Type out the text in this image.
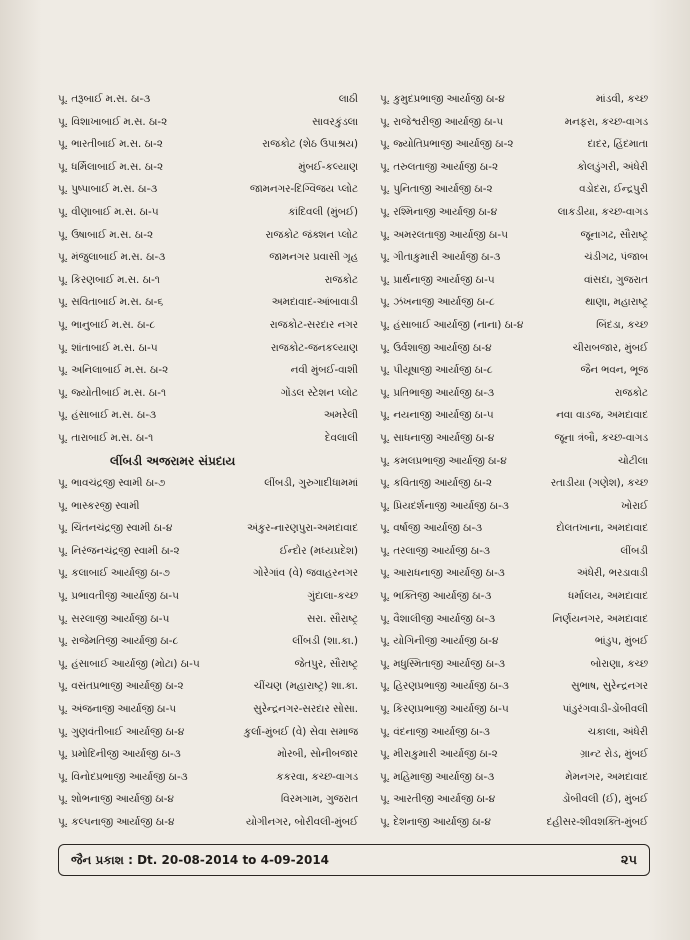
પૂ. તરૂબાઈ મ.સ. ઠા-૩	લાઠી
પૂ. વિશાખાબાઈ મ.સ. ઠા-૨	સાવરકુંડલા
પૂ. ભારતીબાઈ મ.સ. ઠા-૨	રાજકોટ (શેઠ ઉપાશ્રય)
પૂ. ધર્મિલાબાઈ મ.સ. ઠા-૨	મુંબઈ-કલ્યાણ
પૂ. પુષ્પાબાઈ મ.સ. ઠા-૩	જામનગર-દિગ્વિજય પ્લોટ
પૂ. વીણાબાઈ મ.સ. ઠા-૫	કાંદિવલી (મુંબઈ)
પૂ. ઉષાબાઈ મ.સ. ઠા-૨	રાજકોટ જંક્શન પ્લોટ
પૂ. મંજુલાબાઈ મ.સ. ઠા-૩	જામનગર પ્રવાસી ગૃહ
પૂ. કિરણબાઈ મ.સ. ઠા-૧	રાજકોટ
પૂ. સવિતાબાઈ મ.સ. ઠા-૬	અમદાવાદ-આંબાવાડી
પૂ. ભાનુબાઈ મ.સ. ઠા-૮	રાજકોટ-સરદાર નગર
પૂ. શાંતાબાઈ મ.સ. ઠા-૫	રાજકોટ-જનકલ્યાણ
પૂ. અનિલાબાઈ મ.સ. ઠા-૨	નવી મુંબઈ-વાશી
પૂ. જ્યોતીબાઈ મ.સ. ઠા-૧	ગોંડલ સ્ટેશન પ્લોટ
પૂ. હંસાબાઈ મ.સ. ઠા-૩	અમરેલી
પૂ. તારાબાઈ મ.સ. ઠા-૧	દેવલાલી
લીંબડી અજરામર સંપ્રદાય
પૂ. ભાવચંદ્રજી સ્વામી ઠા-૭	લીંબડી, ગુરુગાદીધામમાં
પૂ. ભાસ્કરજી સ્વામી
પૂ. ચિંતનચંદ્રજી સ્વામી ઠા-૪	અંકુર-નારણપુરા-અમદાવાદ
પૂ. નિરંજનચંદ્રજી સ્વામી ઠા-૨	ઈન્દોર (મધ્યપ્રદેશ)
પૂ. કલાબાઈ આર્યાજી ઠા-૭	ગોરેગાંવ (વે) જવાહરનગર
પૂ. પ્રભાવતીજી આર્યાજી ઠા-૫	ગુંદાલા-કચ્છ
પૂ. સરલાજી આર્યાજી ઠા-૫	સરા. સૌરાષ્ટ્ર
પૂ. રાજેમતિજી આર્યાજી ઠા-૮	લીંબડી (શા.કા.)
પૂ. હંસાબાઈ આર્યાજી (મોટા) ઠા-૫	જેતપુર, સૌરાષ્ટ્ર
પૂ. વસંતપ્રભાજી આર્યાજી ઠા-૨	ચીંચણ (મહારાષ્ટ્ર) શા.કા.
પૂ. અંજનાજી આર્યાજી ઠા-૫	સુરેન્દ્રનગર-સરદાર સોસા.
પૂ. ગુણવંતીબાઈ આર્યાજી ઠા-૪	કુર્લા-મુંબઈ (વે) સેવા સમાજ
પૂ. પ્રમોદિનીજી આર્યાજી ઠા-૩	મોરબી, સોનીબજાર
પૂ. વિનોદપ્રભાજી આર્યાજી ઠા-૩	કકરવા, કચ્છ-વાગડ
પૂ. શોભનાજી આર્યાજી ઠા-૪	વિરમગામ, ગુજરાત
પૂ. કલ્પનાજી આર્યાજી ઠા-૪	યોગીનગર, બોરીવલી-મુંબઈ
પૂ. કુમુદપ્રભાજી આર્યાજી ઠા-૪	માંડવી, કચ્છ
પૂ. રાજેશ્વરીજી આર્યાજી ઠા-૫	મનફરા, કચ્છ-વાગડ
પૂ. જ્યોતિપ્રભાજી આર્યાજી ઠા-૨	દાદર, હિંદમાતા
પૂ. તરુલતાજી આર્યાજી ઠા-૨	કોલડુંગરી, અંધેરી
પૂ. પુનિતાજી આર્યાજી ઠા-૨	વડોદરા, ઈન્દ્રપુરી
પૂ. રશ્મિનાજી આર્યાજી ઠા-૪	લાકડીયા, કચ્છ-વાગડ
પૂ. અમરલતાજી આર્યાજી ઠા-૫	જૂનાગઢ, સૌરાષ્ટ્ર
પૂ. ગીતાકુમારી આર્યાજી ઠા-૩	ચંડીગઢ, પંજાબ
પૂ. પ્રાર્થનાજી આર્યાજી ઠા-૫	વાંસદા, ગુજરાત
પૂ. ઝંખનાજી આર્યાજી ઠા-૮	થાણા, મહારાષ્ટ્ર
પૂ. હંસાબાઈ આર્યાજી (નાના) ઠા-૪	બિંદડા, કચ્છ
પૂ. ઉર્વશાજી આર્યાજી ઠા-૪	ચીરાબજાર, મુંબઈ
પૂ. પીયૂષાજી આર્યાજી ઠા-૮	જૈન ભવન, ભૂજ
પૂ. પ્રતિભાજી આર્યાજી ઠા-૩	રાજકોટ
પૂ. નયનાજી આર્યાજી ઠા-૫	નવા વાડજ, અમદાવાદ
પૂ. સાધનાજી આર્યાજી ઠા-૪	જૂના ત્રંબૌ, કચ્છ-વાગડ
પૂ. કમલપ્રભાજી આર્યાજી ઠા-૪	ચોટીલા
પૂ. કવિતાજી આર્યાજી ઠા-૨	રતાડીયા (ગણેશ), કચ્છ
પૂ. પ્રિયદર્શનાજી આર્યાજી ઠા-૩	ખોરાઈ
પૂ. વર્ષાજી આર્યાજી ઠા-૩	દોલતખાના, અમદાવાદ
પૂ. તરલાજી આર્યાજી ઠા-૩	લીંબડી
પૂ. આરાધનાજી આર્યાજી ઠા-૩	અંધેરી, ભરડાવાડી
પૂ. ભક્તિજી આર્યાજી ઠા-૩	ધર્માલય, અમદાવાદ
પૂ. વૈશાલીજી આર્યાજી ઠા-૩	નિર્ણયનગર, અમદાવાદ
પૂ. યોગિનીજી આર્યાજી ઠા-૪	ભાંડુપ, મુંબઈ
પૂ. મધુસ્મિતાજી આર્યાજી ઠા-૩	બોરાણા, કચ્છ
પૂ. હિરણપ્રભાજી આર્યાજી ઠા-૩	સુભાષ, સુરેન્દ્રનગર
પૂ. કિરણપ્રભાજી આર્યાજી ઠા-૫	પાંડુરંગવાડી-ડોંબીવલી
પૂ. વંદનાજી આર્યાજી ઠા-૩	ચકાલા, અંધેરી
પૂ. મીરાકુમારી આર્યાજી ઠા-૨	ગ્રાન્ટ રોડ, મુંબઈ
પૂ. મહિમાજી આર્યાજી ઠા-૩	મેમનગર, અમદાવાદ
પૂ. આરતીજી આર્યાજી ઠા-૪	ડોંબીવલી (ઈ), મુંબઈ
પૂ. દેશનાજી આર્યાજી ઠા-૪	દહીસર-શીવશક્તિ-મુંબઈ
જૈન પ્રકાશ : Dt. 20-08-2014 to 4-09-2014	૨૫
